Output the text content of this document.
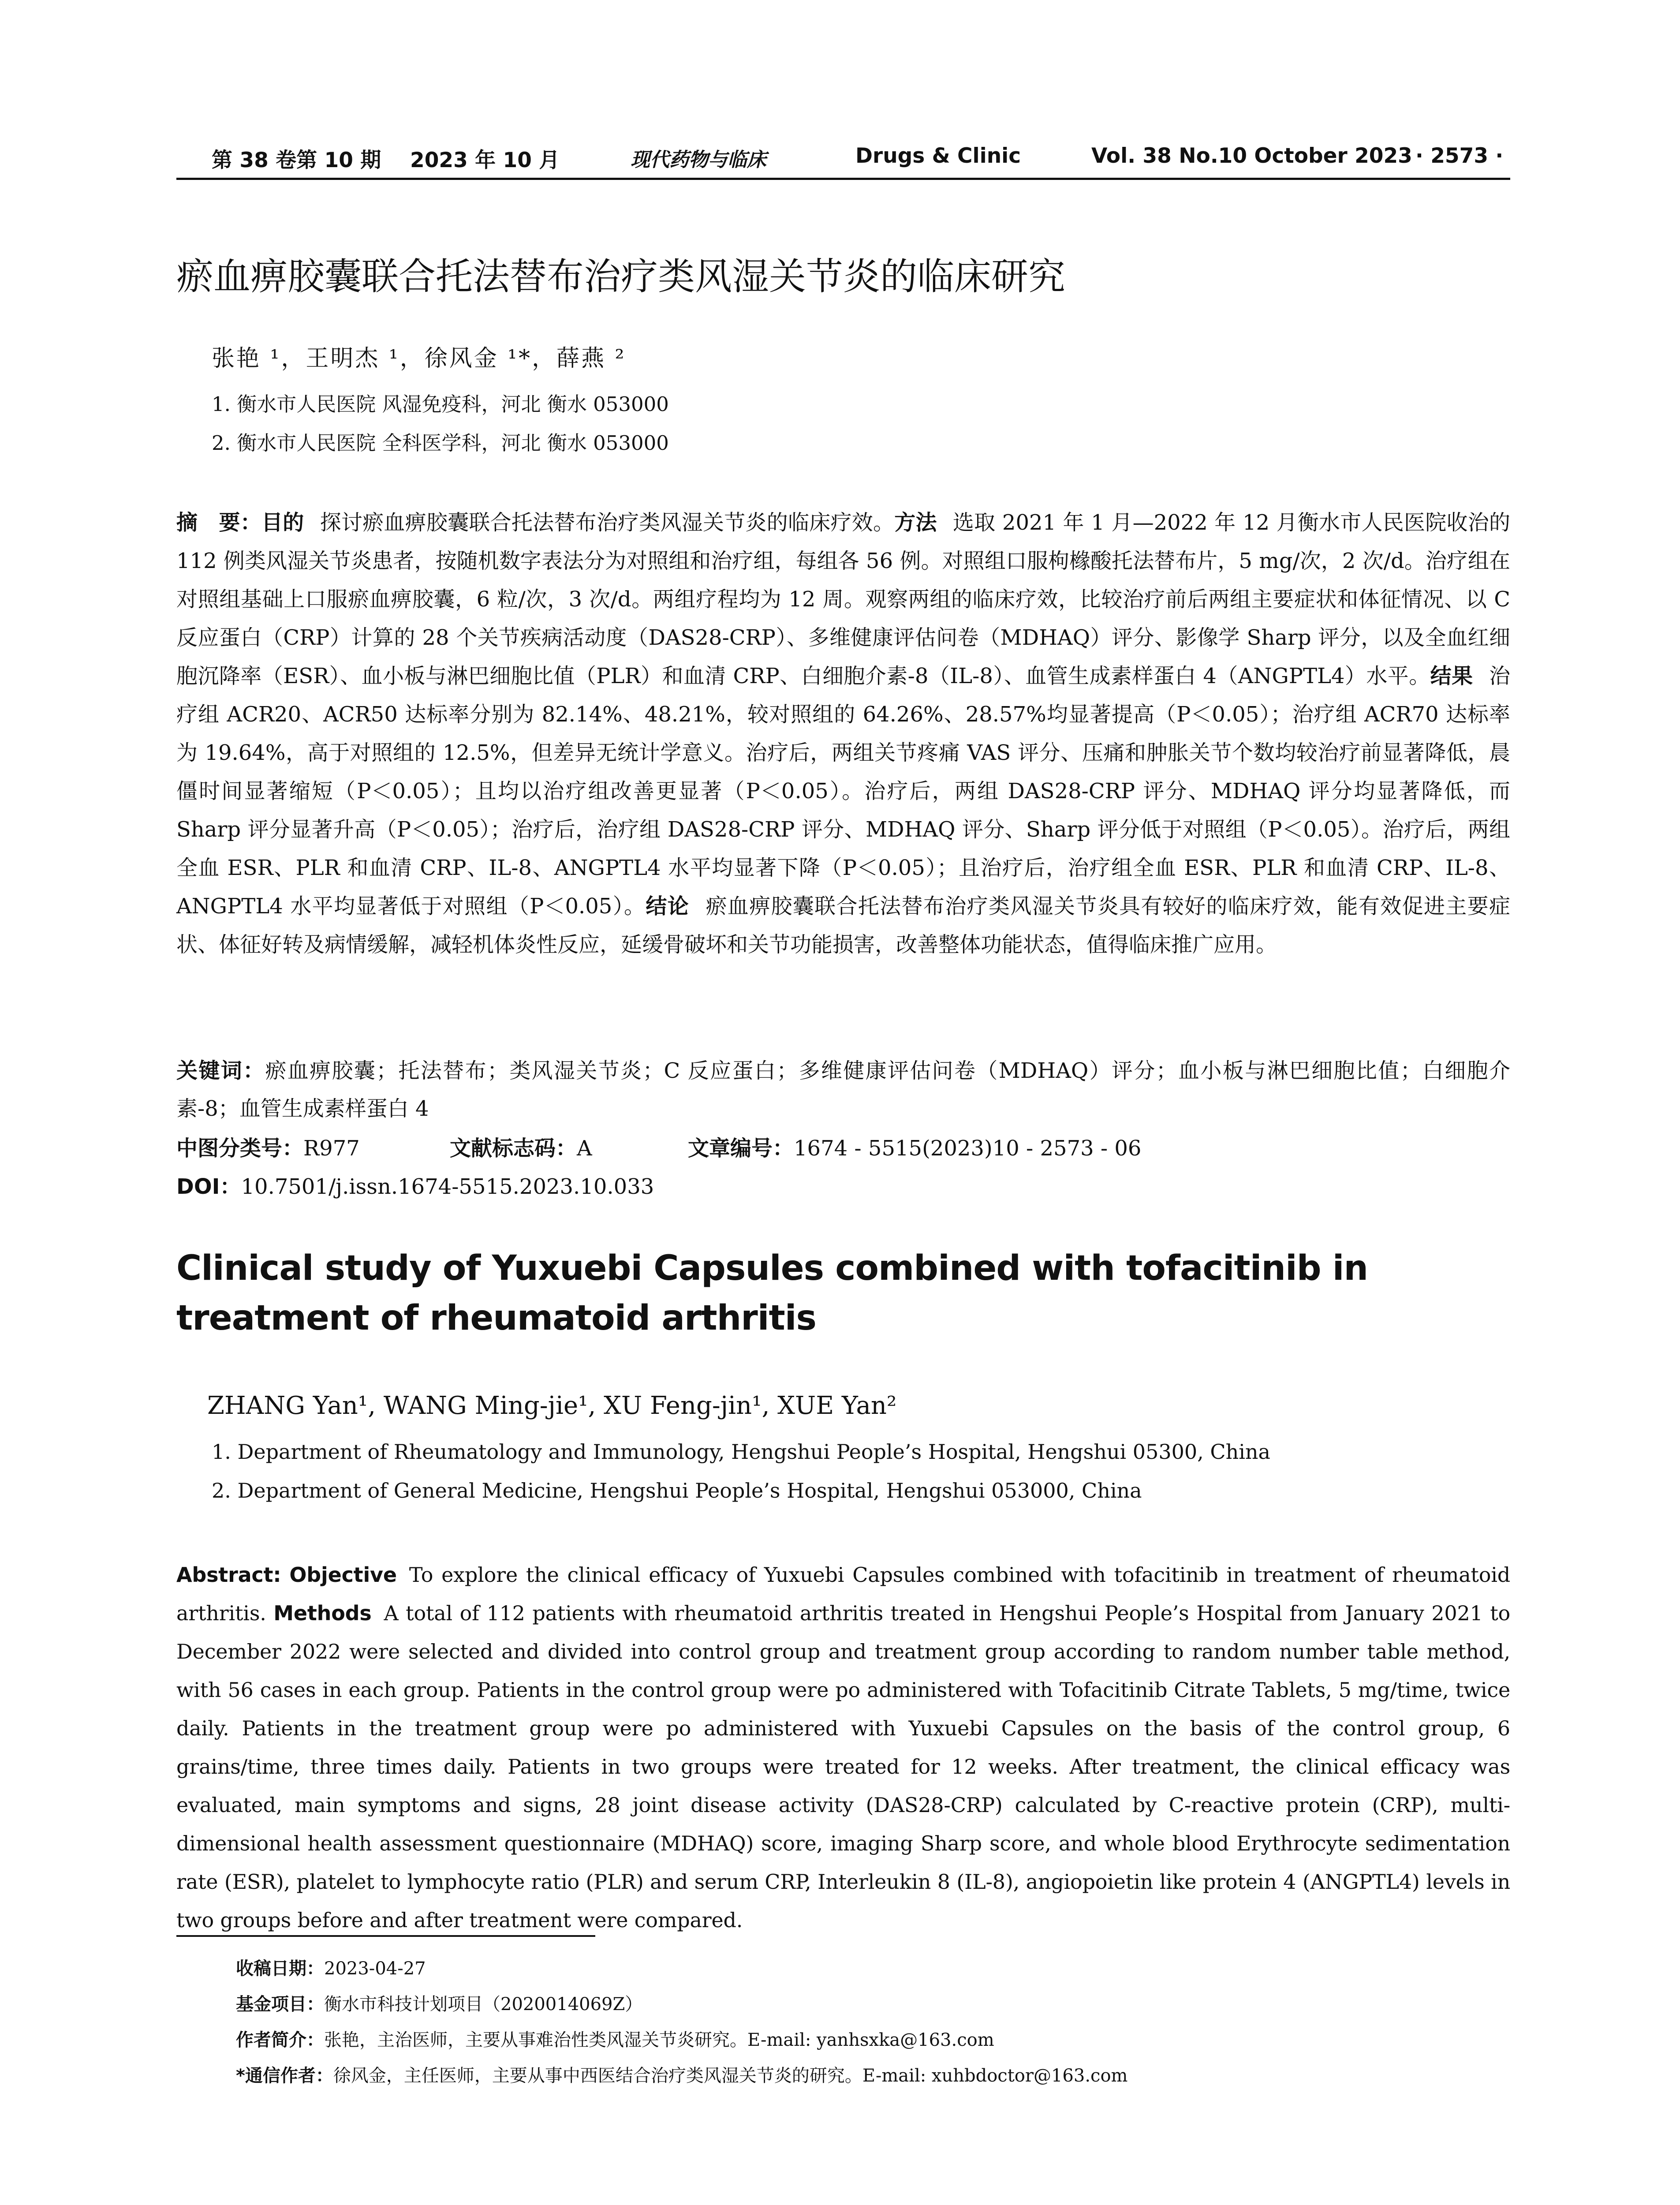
第 38 卷第 10 期 2023 年 10 月	现代药物与临床	Drugs & Clinic	Vol. 38 No.10 October 2023 · 2573 ·
瘀血痹胶囊联合托法替布治疗类风湿关节炎的临床研究
张艳 ¹，王明杰 ¹，徐风金 ¹*，薛燕 ²
1. 衡水市人民医院 风湿免疫科，河北 衡水 053000
2. 衡水市人民医院 全科医学科，河北 衡水 053000
摘　要：目的 探讨瘀血痹胶囊联合托法替布治疗类风湿关节炎的临床疗效。方法 选取 2021 年 1 月—2022 年 12 月衡水市人民医院收治的 112 例类风湿关节炎患者，按随机数字表法分为对照组和治疗组，每组各 56 例。对照组口服枸橼酸托法替布片，5 mg/次，2 次/d。治疗组在对照组基础上口服瘀血痹胶囊，6 粒/次，3 次/d。两组疗程均为 12 周。观察两组的临床疗效，比较治疗前后两组主要症状和体征情况、以 C 反应蛋白（CRP）计算的 28 个关节疾病活动度（DAS28-CRP）、多维健康评估问卷（MDHAQ）评分、影像学 Sharp 评分，以及全血红细胞沉降率（ESR）、血小板与淋巴细胞比值（PLR）和血清 CRP、白细胞介素-8（IL-8）、血管生成素样蛋白 4（ANGPTL4）水平。结果 治疗组 ACR20、ACR50 达标率分别为 82.14%、48.21%，较对照组的 64.26%、28.57%均显著提高（P＜0.05）；治疗组 ACR70 达标率为 19.64%，高于对照组的 12.5%，但差异无统计学意义。治疗后，两组关节疼痛 VAS 评分、压痛和肿胀关节个数均较治疗前显著降低，晨僵时间显著缩短（P＜0.05）；且均以治疗组改善更显著（P＜0.05）。治疗后，两组 DAS28-CRP 评分、MDHAQ 评分均显著降低，而 Sharp 评分显著升高（P＜0.05）；治疗后，治疗组 DAS28-CRP 评分、MDHAQ 评分、Sharp 评分低于对照组（P＜0.05）。治疗后，两组全血 ESR、PLR 和血清 CRP、IL-8、ANGPTL4 水平均显著下降（P＜0.05）；且治疗后，治疗组全血 ESR、PLR 和血清 CRP、IL-8、ANGPTL4 水平均显著低于对照组（P＜0.05）。结论 瘀血痹胶囊联合托法替布治疗类风湿关节炎具有较好的临床疗效，能有效促进主要症状、体征好转及病情缓解，减轻机体炎性反应，延缓骨破坏和关节功能损害，改善整体功能状态，值得临床推广应用。
关键词：瘀血痹胶囊；托法替布；类风湿关节炎；C 反应蛋白；多维健康评估问卷（MDHAQ）评分；血小板与淋巴细胞比值；白细胞介素-8；血管生成素样蛋白 4
中图分类号：R977	文献标志码：A	文章编号：1674 - 5515(2023)10 - 2573 - 06
DOI：10.7501/j.issn.1674-5515.2023.10.033
Clinical study of Yuxuebi Capsules combined with tofacitinib in treatment of rheumatoid arthritis
ZHANG Yan¹, WANG Ming-jie¹, XU Feng-jin¹, XUE Yan²
1. Department of Rheumatology and Immunology, Hengshui People’s Hospital, Hengshui 05300, China
2. Department of General Medicine, Hengshui People’s Hospital, Hengshui 053000, China
Abstract: Objective To explore the clinical efficacy of Yuxuebi Capsules combined with tofacitinib in treatment of rheumatoid arthritis. Methods A total of 112 patients with rheumatoid arthritis treated in Hengshui People’s Hospital from January 2021 to December 2022 were selected and divided into control group and treatment group according to random number table method, with 56 cases in each group. Patients in the control group were po administered with Tofacitinib Citrate Tablets, 5 mg/time, twice daily. Patients in the treatment group were po administered with Yuxuebi Capsules on the basis of the control group, 6 grains/time, three times daily. Patients in two groups were treated for 12 weeks. After treatment, the clinical efficacy was evaluated, main symptoms and signs, 28 joint disease activity (DAS28-CRP) calculated by C-reactive protein (CRP), multi-dimensional health assessment questionnaire (MDHAQ) score, imaging Sharp score, and whole blood Erythrocyte sedimentation rate (ESR), platelet to lymphocyte ratio (PLR) and serum CRP, Interleukin 8 (IL-8), angiopoietin like protein 4 (ANGPTL4) levels in two groups before and after treatment were compared.
收稿日期：2023-04-27
基金项目：衡水市科技计划项目（2020014069Z）
作者简介：张艳，主治医师，主要从事难治性类风湿关节炎研究。E-mail: yanhsxka@163.com
*通信作者：徐风金，主任医师，主要从事中西医结合治疗类风湿关节炎的研究。E-mail: xuhbdoctor@163.com
